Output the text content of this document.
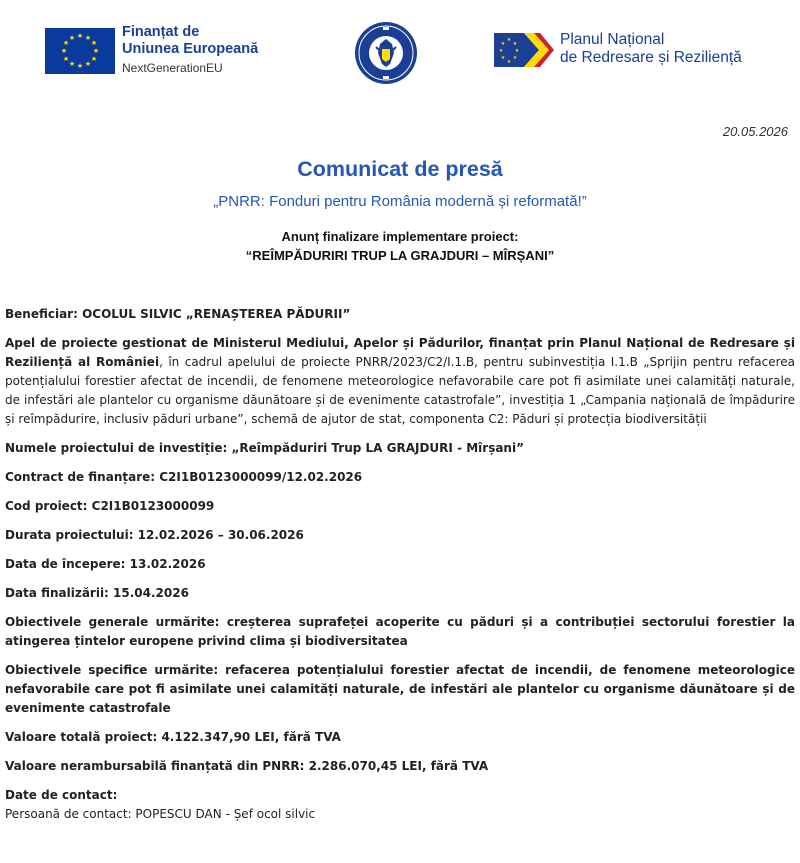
★ ★
★
★
★
★
★
★
★
★
★
★	Finanțat de
Uniunea Europeană
NextGenerationEU
★
★
★
★
★
★
★
★	Planul Național
de Redresare și Reziliență
20.05.2026
Comunicat de presă
„PNRR: Fonduri pentru România modernă și reformată!”
Anunț finalizare implementare proiect:
“REÎMPĂDURIRI TRUP LA GRAJDURI – MÎRȘANI”

Beneficiar: OCOLUL SILVIC „RENAȘTEREA PĂDURII”

Apel de proiecte gestionat de Ministerul Mediului, Apelor și Pădurilor, finanțat prin Planul Național de Redresare și Reziliență al României, în cadrul apelului de proiecte PNRR/2023/C2/I.1.B, pentru subinvestiția I.1.B „Sprijin pentru refacerea potențialului forestier afectat de incendii, de fenomene meteorologice nefavorabile care pot fi asimilate unei calamități naturale, de infestări ale plantelor cu organisme dăunătoare și de evenimente catastrofale”, investiția 1 „Campania națională de împădurire și reîmpădurire, inclusiv păduri urbane”, schemă de ajutor de stat, componenta C2: Păduri și protecția biodiversității

Numele proiectului de investiție: „Reîmpăduriri Trup LA GRAJDURI - Mîrșani”

Contract de finanțare: C2I1B0123000099/12.02.2026

Cod proiect: C2I1B0123000099

Durata proiectului: 12.02.2026 – 30.06.2026

Data de începere: 13.02.2026

Data finalizării: 15.04.2026

Obiectivele generale urmărite: creșterea suprafeței acoperite cu păduri și a contribuției sectorului forestier la atingerea țintelor europene privind clima și biodiversitatea

Obiectivele specifice urmărite: refacerea potențialului forestier afectat de incendii, de fenomene meteorologice nefavorabile care pot fi asimilate unei calamități naturale, de infestări ale plantelor cu organisme dăunătoare și de evenimente catastrofale

Valoare totală proiect: 4.122.347,90 LEI, fără TVA

Valoare nerambursabilă finanțată din PNRR: 2.286.070,45 LEI, fără TVA

Date de contact:

Persoană de contact: POPESCU DAN - Șef ocol silvic
